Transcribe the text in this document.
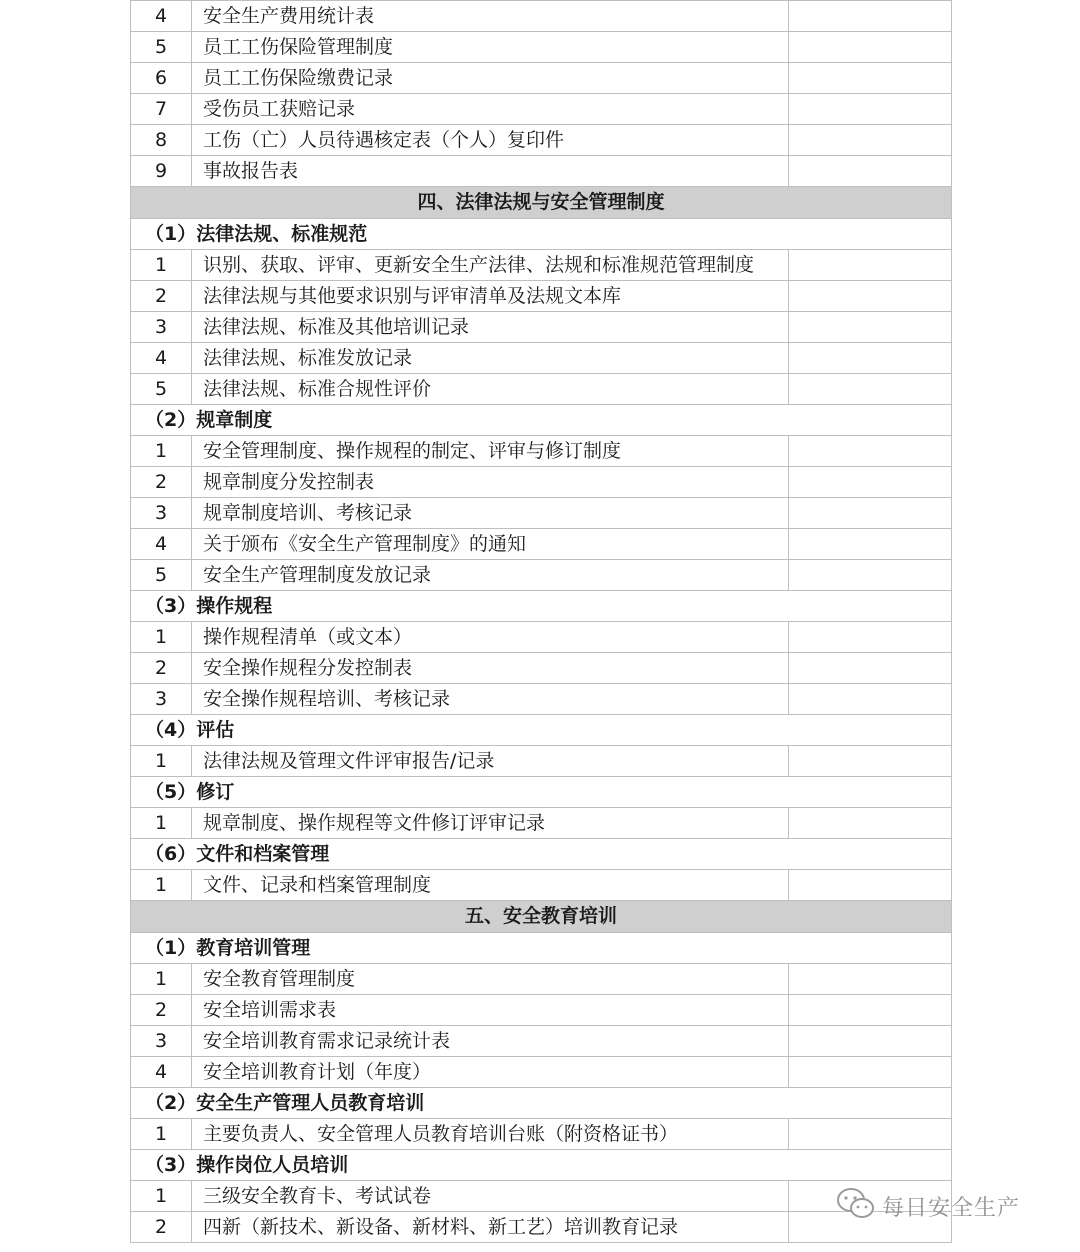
4	安全生产费用统计表	
5	员工工伤保险管理制度	
6	员工工伤保险缴费记录	
7	受伤员工获赔记录	
8	工伤（亡）人员待遇核定表（个人）复印件	
9	事故报告表	
四、法律法规与安全管理制度		
（1）法律法规、标准规范		
1	识别、获取、评审、更新安全生产法律、法规和标准规范管理制度	
2	法律法规与其他要求识别与评审清单及法规文本库	
3	法律法规、标准及其他培训记录	
4	法律法规、标准发放记录	
5	法律法规、标准合规性评价	
（2）规章制度		
1	安全管理制度、操作规程的制定、评审与修订制度	
2	规章制度分发控制表	
3	规章制度培训、考核记录	
4	关于颁布《安全生产管理制度》的通知	
5	安全生产管理制度发放记录	
（3）操作规程		
1	操作规程清单（或文本）	
2	安全操作规程分发控制表	
3	安全操作规程培训、考核记录	
（4）评估		
1	法律法规及管理文件评审报告/记录	
（5）修订		
1	规章制度、操作规程等文件修订评审记录	
（6）文件和档案管理		
1	文件、记录和档案管理制度	
五、安全教育培训		
（1）教育培训管理		
1	安全教育管理制度	
2	安全培训需求表	
3	安全培训教育需求记录统计表	
4	安全培训教育计划（年度）	
（2）安全生产管理人员教育培训		
1	主要负责人、安全管理人员教育培训台账（附资格证书）	
（3）操作岗位人员培训		
1	三级安全教育卡、考试试卷	
2	四新（新技术、新设备、新材料、新工艺）培训教育记录	
每日安全生产
